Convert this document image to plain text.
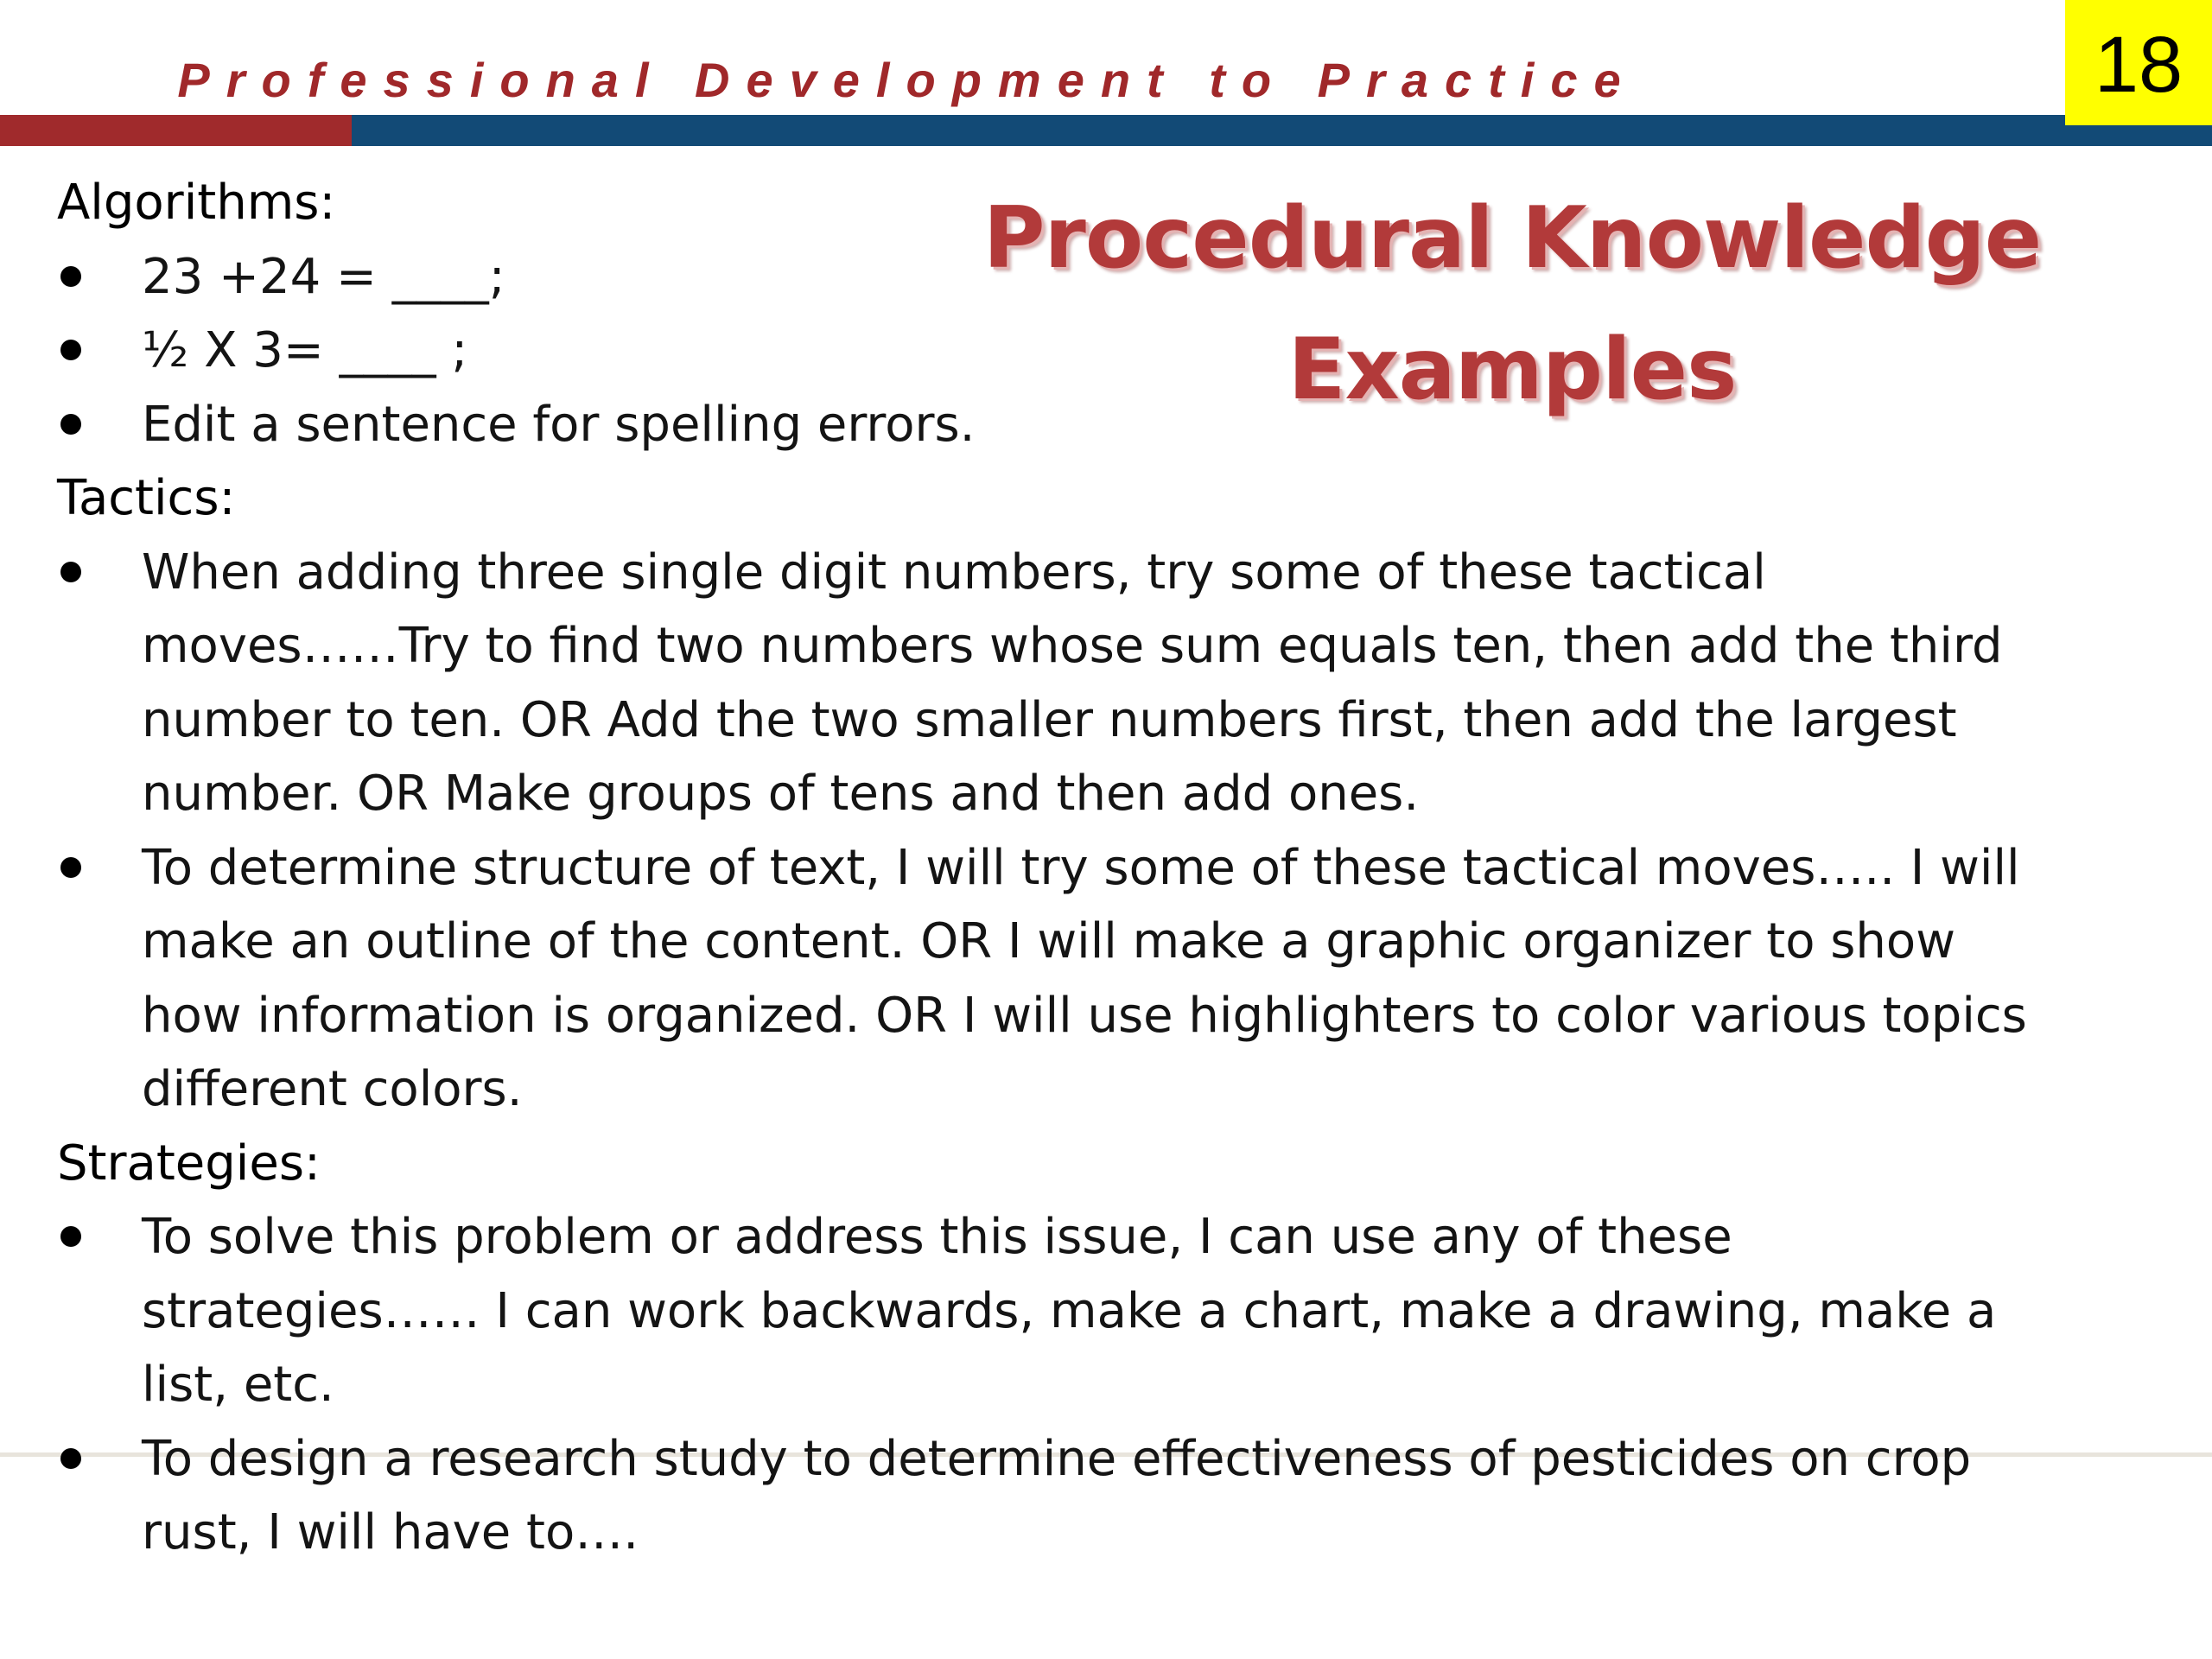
Professional Development to Practice	18
Procedural Knowledge
Examples
Algorithms:
23 +24 = ____;
½ X 3= ____ ;
Edit a sentence for spelling errors.
Tactics:
When adding three single digit numbers, try some of these tactical moves……Try to find two numbers whose sum equals ten, then add the third number to ten. OR Add the two smaller numbers first, then add the largest number. OR Make groups of tens and then add ones.
To determine structure of text, I will try some of these tactical moves….. I will make an outline of the content. OR I will make a graphic organizer to show how information is organized. OR I will use highlighters to color various topics different colors.
Strategies:
To solve this problem or address this issue, I can use any of these strategies…… I can work backwards, make a chart, make a drawing, make a list, etc.
To design a research study to determine effectiveness of pesticides on crop rust, I will have to….
